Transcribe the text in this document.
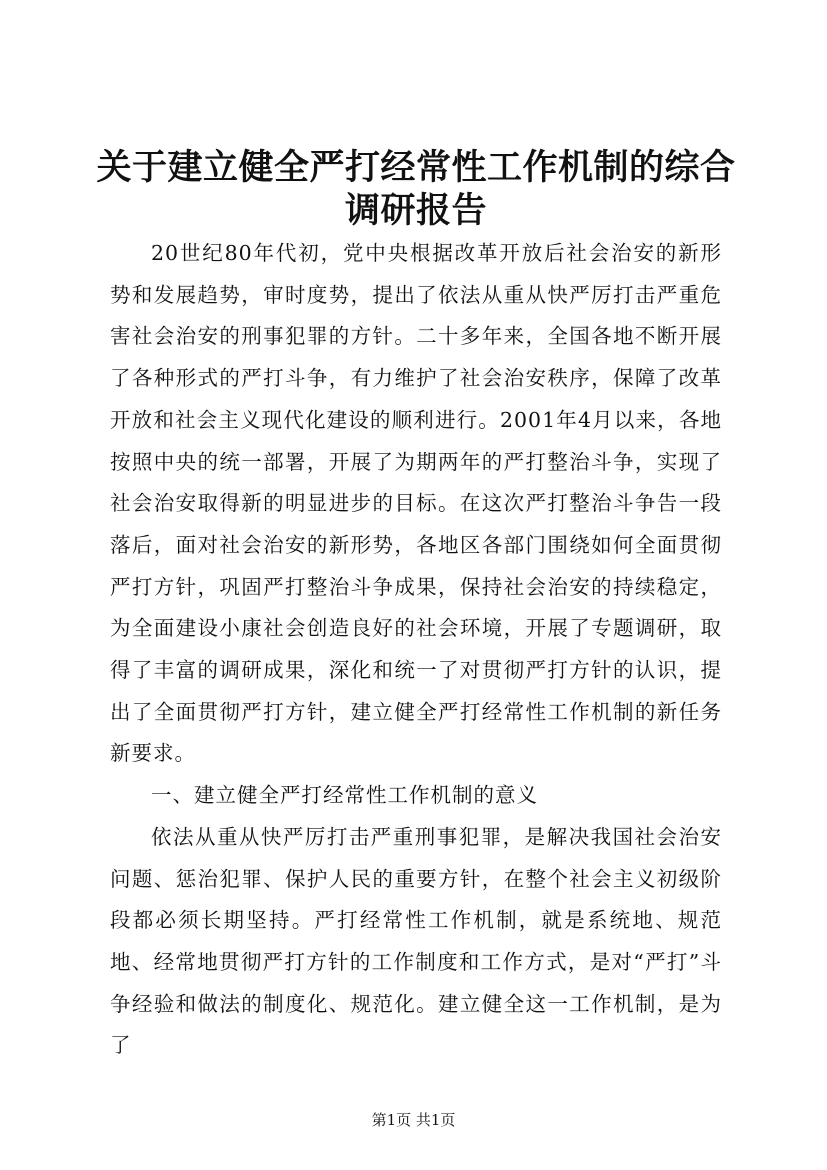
关于建立健全严打经常性工作机制的综合调研报告

20世纪80年代初，党中央根据改革开放后社会治安的新形势和发展趋势，审时度势，提出了依法从重从快严厉打击严重危害社会治安的刑事犯罪的方针。二十多年来，全国各地不断开展了各种形式的严打斗争，有力维护了社会治安秩序，保障了改革开放和社会主义现代化建设的顺利进行。2001年4月以来，各地按照中央的统一部署，开展了为期两年的严打整治斗争，实现了社会治安取得新的明显进步的目标。在这次严打整治斗争告一段落后，面对社会治安的新形势，各地区各部门围绕如何全面贯彻严打方针，巩固严打整治斗争成果，保持社会治安的持续稳定，为全面建设小康社会创造良好的社会环境，开展了专题调研，取得了丰富的调研成果，深化和统一了对贯彻严打方针的认识，提出了全面贯彻严打方针，建立健全严打经常性工作机制的新任务新要求。

一、建立健全严打经常性工作机制的意义

依法从重从快严厉打击严重刑事犯罪，是解决我国社会治安问题、惩治犯罪、保护人民的重要方针，在整个社会主义初级阶段都必须长期坚持。严打经常性工作机制，就是系统地、规范地、经常地贯彻严打方针的工作制度和工作方式，是对“严打”斗争经验和做法的制度化、规范化。建立健全这一工作机制，是为了

第1页 共1页
